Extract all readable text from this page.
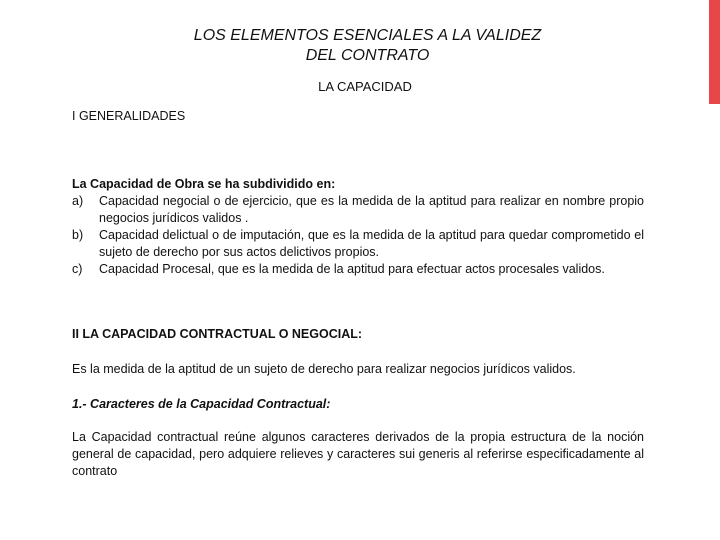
LOS ELEMENTOS ESENCIALES A LA VALIDEZ
DEL CONTRATO
LA CAPACIDAD
I GENERALIDADES
La Capacidad de Obra se ha subdividido en:
a) Capacidad negocial o de ejercicio, que es la medida de la aptitud para realizar en nombre propio negocios jurídicos validos .
b) Capacidad delictual o de imputación, que es la medida de la aptitud para quedar comprometido el sujeto de derecho por sus actos delictivos propios.
c) Capacidad Procesal, que es la medida de la aptitud para efectuar actos procesales validos.
II LA CAPACIDAD CONTRACTUAL O NEGOCIAL:
Es la medida de la aptitud de un sujeto de derecho para realizar negocios jurídicos validos.
1.- Caracteres de la Capacidad Contractual:
La Capacidad contractual reúne algunos caracteres derivados de la propia estructura de la noción general de capacidad, pero adquiere relieves y caracteres sui generis al referirse especificadamente al contrato
